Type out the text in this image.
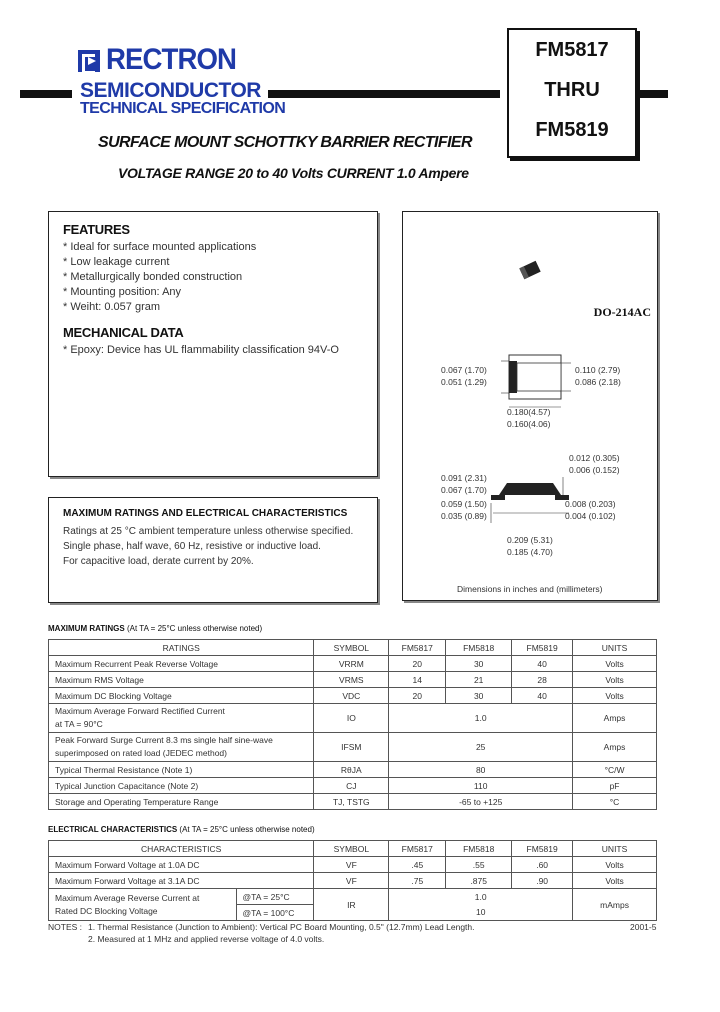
RECTRON
SEMICONDUCTOR
TECHNICAL SPECIFICATION
FM5817
THRU
FM5819
SURFACE MOUNT SCHOTTKY BARRIER RECTIFIER
VOLTAGE RANGE 20 to 40 Volts CURRENT 1.0 Ampere
FEATURES
* Ideal for surface mounted applications
* Low leakage current
* Metallurgically bonded construction
* Mounting position: Any
* Weiht: 0.057 gram
MECHANICAL DATA
* Epoxy: Device has UL flammability classification 94V-O
DO-214AC
0.067 (1.70)
0.051 (1.29)
0.110 (2.79)
0.086 (2.18)
0.180(4.57)
0.160(4.06)
0.012 (0.305)
0.006 (0.152)
0.091 (2.31)
0.067 (1.70)
0.059 (1.50)
0.035 (0.89)
0.008 (0.203)
0.004 (0.102)
0.209 (5.31)
0.185 (4.70)
Dimensions in inches and (millimeters)
MAXIMUM RATINGS AND ELECTRICAL CHARACTERISTICS
Ratings at 25 °C ambient temperature unless otherwise specified.
Single phase, half wave, 60 Hz, resistive or inductive load.
For capacitive load, derate current by 20%.
MAXIMUM RATINGS (At TA = 25°C unless otherwise noted)
RATINGS	SYMBOL	FM5817	FM5818	FM5819	UNITS
Maximum Recurrent Peak Reverse Voltage	VRRM	20	30	40	Volts
Maximum RMS Voltage	VRMS	14	21	28	Volts
Maximum DC Blocking Voltage	VDC	20	30	40	Volts

Maximum Average Forward Rectified Current
at TA = 90°C	IO	1.0			Amps

Peak Forward Surge Current 8.3 ms single half sine-wave
superimposed on rated load (JEDEC method)	IFSM	25			Amps
Typical Thermal Resistance (Note 1)	RθJA	80			°C/W
Typical Junction Capacitance (Note 2)	CJ	110			pF
Storage and Operating Temperature Range	TJ, TSTG	-65 to +125			°C
ELECTRICAL CHARACTERISTICS (At TA = 25°C unless otherwise noted)
CHARACTERISTICS		SYMBOL	FM5817	FM5818	FM5819	UNITS
Maximum Forward Voltage at 1.0A DC		VF	.45	.55	.60	Volts
Maximum Forward Voltage at 3.1A DC		VF	.75	.875	.90	Volts

Maximum Average Reverse Current at
Rated DC Blocking Voltage	@TA = 25°C	IR	1.0			mAmps
	@TA = 100°C		10			
NOTES : 1. Thermal Resistance (Junction to Ambient): Vertical PC Board Mounting, 0.5" (12.7mm) Lead Length.
2. Measured at 1 MHz and applied reverse voltage of 4.0 volts.
2001-5
